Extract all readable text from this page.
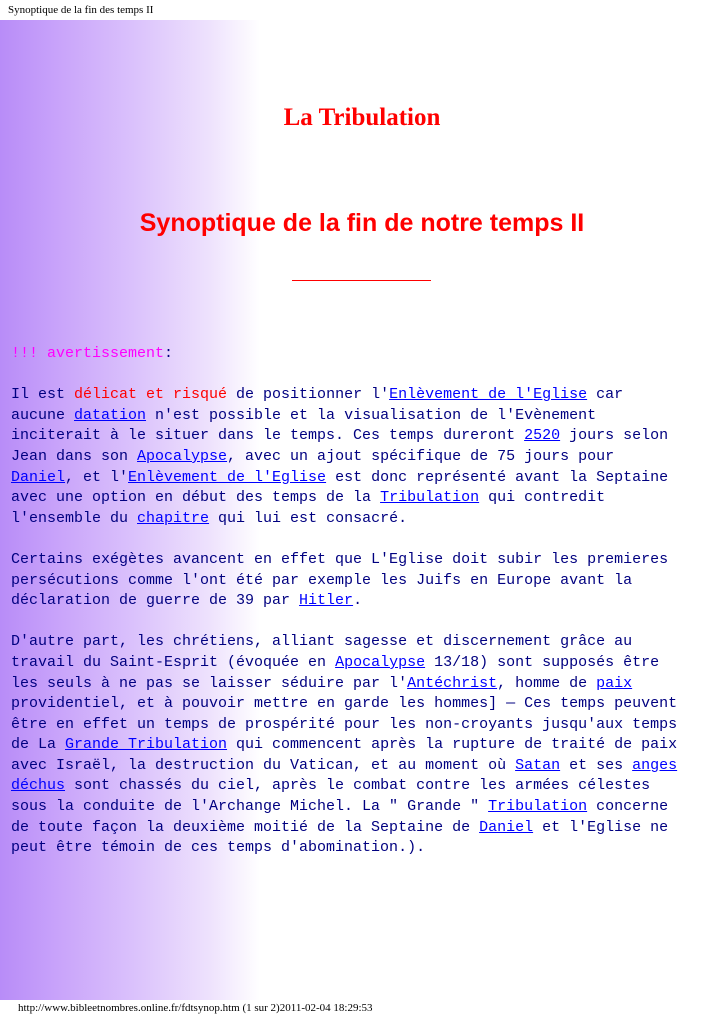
Synoptique de la fin des temps II
La Tribulation
Synoptique de la fin de notre temps II

!!! avertissement:

Il est délicat et risqué de positionner l'Enlèvement de l'Eglise car
aucune datation n'est possible et la visualisation de l'Evènement
inciterait à le situer dans le temps. Ces temps dureront 2520 jours selon
Jean dans son Apocalypse, avec un ajout spécifique de 75 jours pour
Daniel, et l'Enlèvement de l'Eglise est donc représenté avant la Septaine
avec une option en début des temps de la Tribulation qui contredit
l'ensemble du chapitre qui lui est consacré.

Certains exégètes avancent en effet que L'Eglise doit subir les premieres
persécutions comme l'ont été par exemple les Juifs en Europe avant la
déclaration de guerre de 39 par Hitler.

D'autre part, les chrétiens, alliant sagesse et discernement grâce au
travail du Saint-Esprit (évoquée en Apocalypse 13/18) sont supposés être
les seuls à ne pas se laisser séduire par l'Antéchrist, homme de paix
providentiel, et à pouvoir mettre en garde les hommes] — Ces temps peuvent
être en effet un temps de prospérité pour les non-croyants jusqu'aux temps
de La Grande Tribulation qui commencent après la rupture de traité de paix
avec Israël, la destruction du Vatican, et au moment où Satan et ses anges
déchus sont chassés du ciel, après le combat contre les armées célestes
sous la conduite de l'Archange Michel. La " Grande " Tribulation concerne
de toute façon la deuxième moitié de la Septaine de Daniel et l'Eglise ne
peut être témoin de ces temps d'abomination.).

http://www.bibleetnombres.online.fr/fdtsynop.htm (1 sur 2)2011-02-04 18:29:53
